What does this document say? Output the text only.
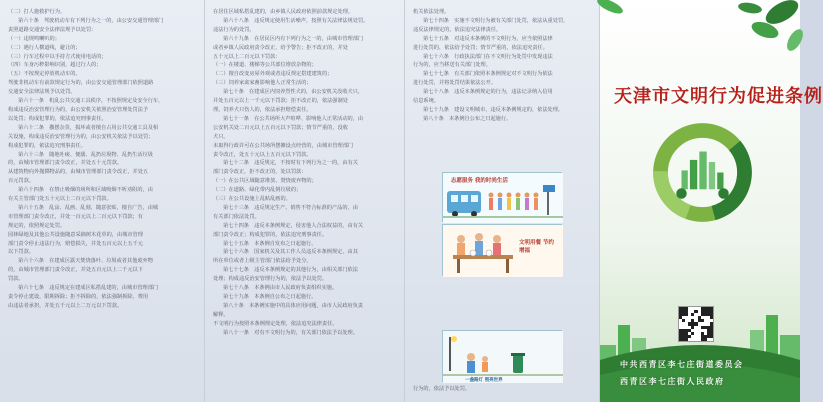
（二）打人施救护行为。
第六十条　驾驶机动车有下列行为之一的，由公安交通管理部门
责照道路交通安全法律法规予以处罚：
（一）违规鸣喇叭的；
（二）遇行人横道线，避让的；
（三）行车过程中以手持方式使用电话的；
（四）车身污秽影响识别，超过行人的；
（五）不按规定停放机动车的。
驾驶非机动车有前款规定行为的，由公安交通管理部门依照道路
交通安全法律法规予以处罚。
第六十一条　机乱公共交通工具秩序，不按照规定及安全行车，
构成违反治安管理行为的，由公安机关依照治安管理处罚法予
以处罚；构成犯罪的，依法追究刑事责任。
第六十二条　撒摆杂货，损坏或者擅自占用公共交通工具及相
关设施，构成违反治安管理行为的，由公安机关依法予以处罚；
构成犯罪的，依法追究刑事责任。
第六十三条　随地吐痰、便溺、乱扔垃圾物、乱扔生活垃圾
的，由城市管理部门责令改正，并处五十元罚款。
从建筑物向外抛掷物品的，由城市管理部门责令改正，并处五
百元罚款。
第六十四条　在禁止吸烟的场所和区域吸烟不听劝阻的，由
有关主管部门处五十元以上二百元以下罚款。
第六十五条　乱涂、乱画、乱刻、随意张贴，擅自广告，由城
市管理部门责令改正，并处一百元以上二百元以下罚款；有
规定的，依照规定处罚。
园林绿地及其他公共设施随意采摘树木花草的，由城市管理
部门责令停止违法行为，赔偿损失，并处五百元以上五千元
以下罚款。
第六十六条　在建成区露天焚烧落叶、垃圾或者其他废弃物
的，由城市管理部门责令改正，并处五百元以上二千元以下
罚款。
第六十七条　违反规定在建成区私搭乱建的，由城市管理部门
责令停止建设，限期拆除；拒不拆除的，依法强制拆除，费用
由违法者承担，并处五千元以上二万元以下罚款。
在居住区域私搭乱建的，由乡镇人民政府依照前款规定处理。
第六十八条　违反规定使用生活噪声，按照有关法律法规处罚。
违法行为的处罚。
第六十九条　在居民区内有下列行为之一的，由城市管理部门
或者乡镇人民政府责令改正，给予警告；拒不改正的，并处
五十元以上二百元以下罚款：
（一）在楼道、楼梯等公共部位堆放杂物的；
（二）擅自改变房屋外观或者违反规定搭建建筑的；
（三）饲养家禽家畜影响他人正常生活的；
第七十条　在建成区内饲养烈性犬的，由公安机关没收犬只，
并处五百元以上一千元以下罚款；拒不改正的，依法强制处
理。饲养犬只伤人的，依法承担赔偿责任。
第七十一条　在公共场所大声喧哗、影响他人正常活动的，由
公安机关处二百元以上五百元以下罚款；情节严重的，没收
犬只。
未取得行政许可在公共场所摆摊设点经营的，由城市管理部门
责令改正，处五十元以上五百元以下罚款。
第七十二条　违反规定，不按时有下列行为之一的，由有关
部门责令改正，拒不改正的，处以罚款：
（一）在公共区域随意堆放、焚烧废弃物的；
（二）在道路、绿化带内乱倒垃圾的；
（三）在公共设施上乱贴乱画的。
第七十三条　违反规定生产、销售不符合标准的产品的，由
有关部门依法处罚。
第七十四条　违反本条例规定，侵害他人合法权益的，由有关
部门责令改正；构成犯罪的，依法追究刑事责任。
第七十五条　本条例自发布之日起施行。
第七十六条　国家机关及其工作人员违反本条例规定，由其
所在单位或者上级主管部门依法给予处分。
第七十七条　违反本条例规定的其他行为，由相关部门依法
处理；构成违反治安管理行为的，依法予以处罚。
第七十八条　本条例由市人民政府负责组织实施。
第七十九条　本条例自公布之日起施行。
第八十条　本条例实施中的具体应用问题，由市人民政府负责
解释。
不文明行为按照本条例规定处理，依法追究法律责任。
第八十一条　对有不文明行为的，有关部门依法予以处理。
机关依法处理。
第七十四条　实施不文明行为被有关部门处罚，依法从重处罚，
违反法律规定的，依法追究法律责任。
第七十五条　对违反本条例的不文明行为，应当依照法律
进行处罚的，依法给予处罚；情节严重的，依法追究责任。
第七十六条　行政执法部门在不文明行为处罚中发现违法
行为的，应当移送有关部门处理。
第七十七条　有关部门依照本条例规定对不文明行为依法
进行处罚，并将处罚结果依法公开。
第七十八条　违反本条例规定的行为，违法记录纳入信用
信息系统。
第七十九条　建设文明城市，违反本条例规定的，依法处理。
第八十条　本条例自公布之日起施行。
志愿服务 我的时尚生活
文明用餐 节约增福
一盏路灯 照亮世界
行为的，依法予以处罚。
天津市文明行为促进条例
中共西青区李七庄街道委员会
西青区李七庄街人民政府
